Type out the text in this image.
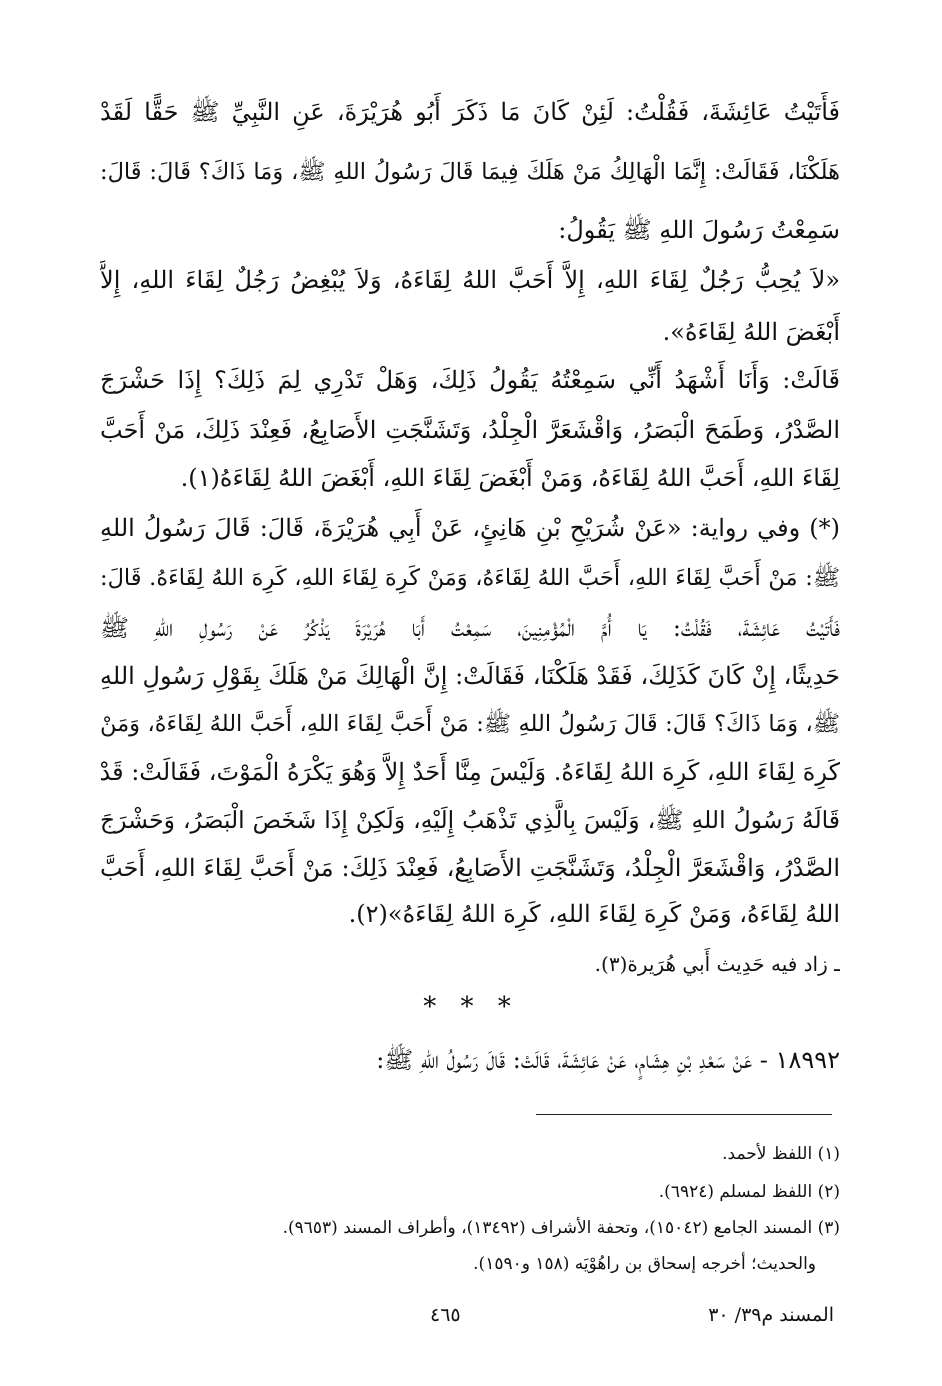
فَأَتَيْتُ عَائِشَةَ، فَقُلْتُ: لَئِنْ كَانَ مَا ذَكَرَ أَبُو هُرَيْرَةَ، عَنِ النَّبِيِّ ﷺ حَقًّا لَقَدْ
هَلَكْنَا، فَقَالَتْ: إِنَّمَا الْهَالِكُ مَنْ هَلَكَ فِيمَا قَالَ رَسُولُ اللهِ ﷺ، وَمَا ذَاكَ؟ قَالَ: قَالَ:
سَمِعْتُ رَسُولَ اللهِ ﷺ يَقُولُ:
«لاَ يُحِبُّ رَجُلٌ لِقَاءَ اللهِ، إِلاَّ أَحَبَّ اللهُ لِقَاءَهُ، وَلاَ يُبْغِضُ رَجُلٌ لِقَاءَ اللهِ، إِلاَّ
أَبْغَضَ اللهُ لِقَاءَهُ».
قَالَتْ: وَأَنَا أَشْهَدُ أَنِّي سَمِعْتُهُ يَقُولُ ذَلِكَ، وَهَلْ تَدْرِي لِمَ ذَلِكَ؟ إِذَا حَشْرَجَ
الصَّدْرُ، وَطَمَحَ الْبَصَرُ، وَاقْشَعَرَّ الْجِلْدُ، وَتَشَنَّجَتِ الأَصَابِعُ، فَعِنْدَ ذَلِكَ، مَنْ أَحَبَّ
لِقَاءَ اللهِ، أَحَبَّ اللهُ لِقَاءَهُ، وَمَنْ أَبْغَضَ لِقَاءَ اللهِ، أَبْغَضَ اللهُ لِقَاءَهُ(١).
(*) وفي رواية: «عَنْ شُرَيْحِ بْنِ هَانِئٍ، عَنْ أَبِي هُرَيْرَةَ، قَالَ: قَالَ رَسُولُ اللهِ
ﷺ: مَنْ أَحَبَّ لِقَاءَ اللهِ، أَحَبَّ اللهُ لِقَاءَهُ، وَمَنْ كَرِهَ لِقَاءَ اللهِ، كَرِهَ اللهُ لِقَاءَهُ. قَالَ:
فَأَتَيْتُ عَائِشَةَ، فَقُلْتُ: يَا أُمَّ الْمُؤْمِنِينَ، سَمِعْتُ أَبَا هُرَيْرَةَ يَذْكُرُ عَنْ رَسُولِ اللهِ ﷺ
حَدِيثًا، إِنْ كَانَ كَذَلِكَ، فَقَدْ هَلَكْنَا، فَقَالَتْ: إِنَّ الْهَالِكَ مَنْ هَلَكَ بِقَوْلِ رَسُولِ اللهِ
ﷺ، وَمَا ذَاكَ؟ قَالَ: قَالَ رَسُولُ اللهِ ﷺ: مَنْ أَحَبَّ لِقَاءَ اللهِ، أَحَبَّ اللهُ لِقَاءَهُ، وَمَنْ
كَرِهَ لِقَاءَ اللهِ، كَرِهَ اللهُ لِقَاءَهُ. وَلَيْسَ مِنَّا أَحَدٌ إِلاَّ وَهُوَ يَكْرَهُ الْمَوْتَ، فَقَالَتْ: قَدْ
قَالَهُ رَسُولُ اللهِ ﷺ، وَلَيْسَ بِالَّذِي تَذْهَبُ إِلَيْهِ، وَلَكِنْ إِذَا شَخَصَ الْبَصَرُ، وَحَشْرَجَ
الصَّدْرُ، وَاقْشَعَرَّ الْجِلْدُ، وَتَشَنَّجَتِ الأَصَابِعُ، فَعِنْدَ ذَلِكَ: مَنْ أَحَبَّ لِقَاءَ اللهِ، أَحَبَّ
اللهُ لِقَاءَهُ، وَمَنْ كَرِهَ لِقَاءَ اللهِ، كَرِهَ اللهُ لِقَاءَهُ»(٢).
ـ زاد فيه حَدِيث أَبي هُرَيرة(٣).
* * *
١٨٩٩٢ - عَنْ سَعْدِ بْنِ هِشَامٍ، عَنْ عَائِشَةَ، قَالَتْ: قَالَ رَسُولُ اللهِ ﷺ:
(١) اللفظ لأحمد.
(٢) اللفظ لمسلم (٦٩٢٤).
(٣) المسند الجامع (١٥٠٤٢)، وتحفة الأشراف (١٣٤٩٢)، وأطراف المسند (٩٦٥٣).
والحديث؛ أخرجه إسحاق بن راهُوْيَه (١٥٨ و١٥٩٠).
٤٦٥	المسند م٣٩/ ٣٠
